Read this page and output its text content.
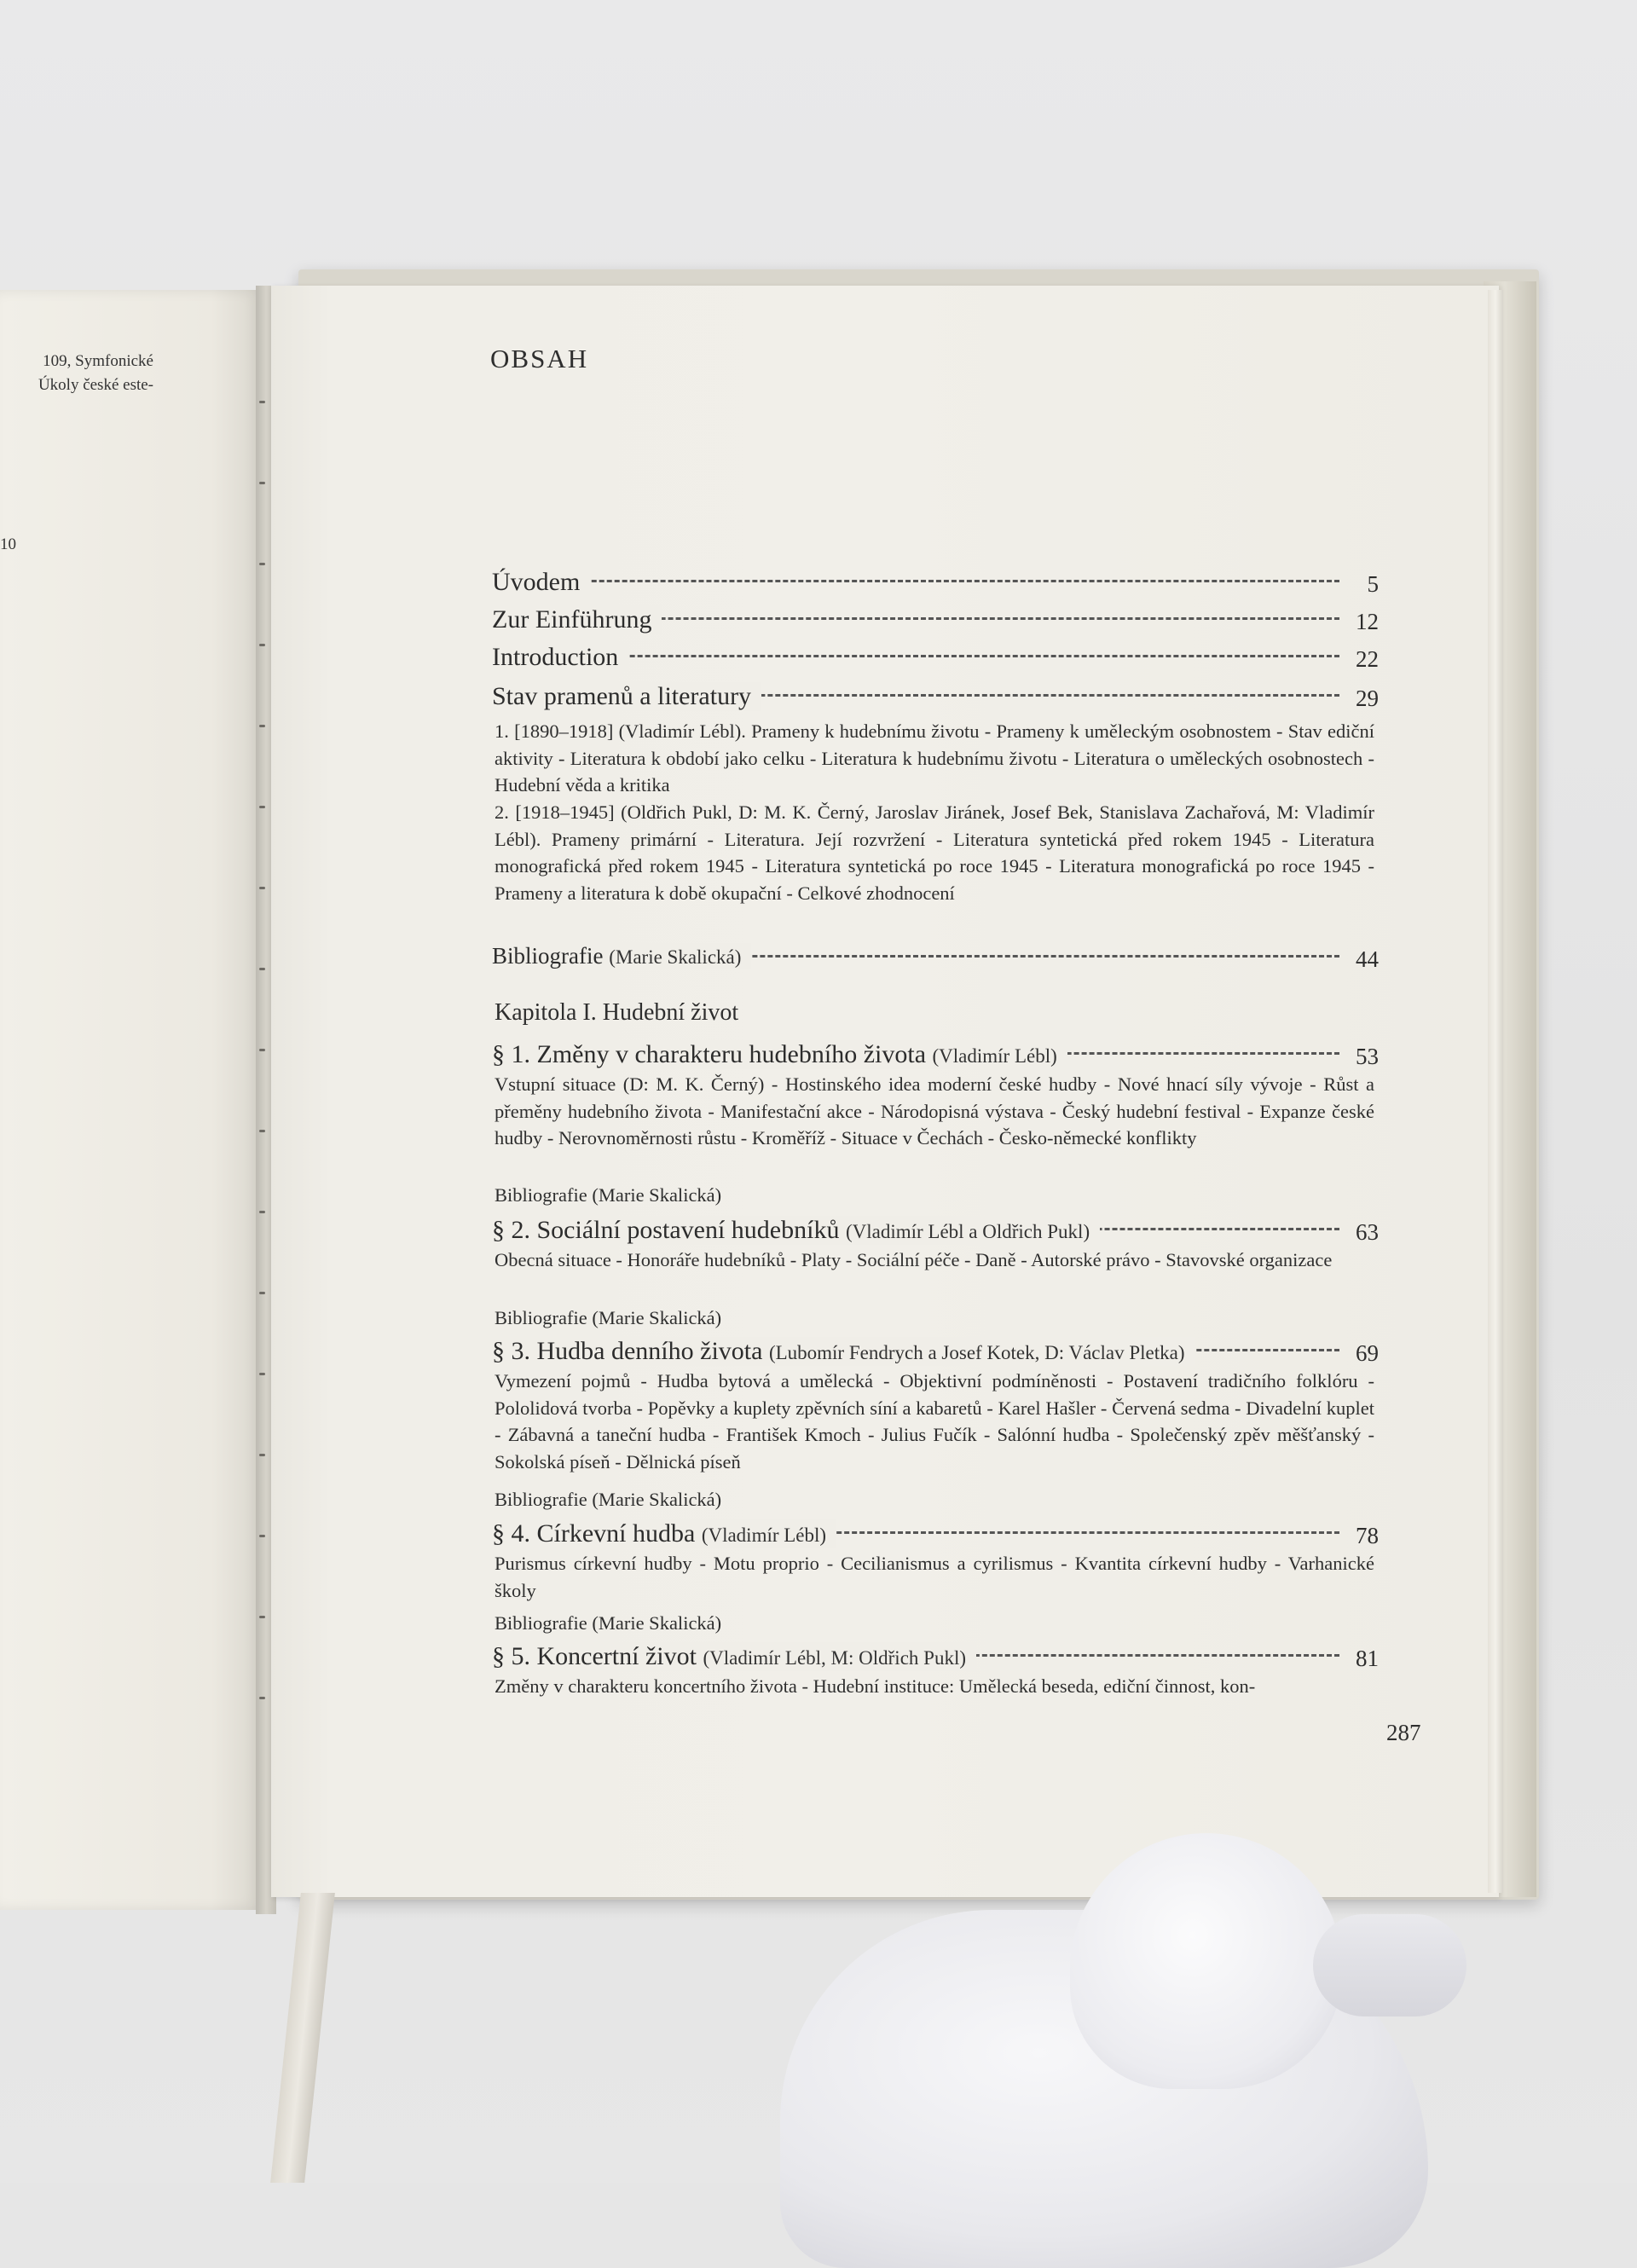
109, Symfonické
Úkoly české este-
10
OBSAH
Úvodem	5
Zur Einführung	12
Introduction	22
Stav pramenů a literatury	29
1. [1890–1918] (Vladimír Lébl). Prameny k hudebnímu životu - Prameny k uměleckým osobnostem - Stav ediční aktivity - Literatura k období jako celku - Literatura k hudebnímu životu - Literatura o uměleckých osobnostech - Hudební věda a kritika
2. [1918–1945] (Oldřich Pukl, D: M. K. Černý, Jaroslav Jiránek, Josef Bek, Stanislava Zachařová, M: Vladimír Lébl). Prameny primární - Literatura. Její rozvržení - Literatura syntetická před rokem 1945 - Literatura monografická před rokem 1945 - Literatura syntetická po roce 1945 - Literatura monografická po roce 1945 - Prameny a literatura k době okupační - Celkové zhodnocení
Bibliografie (Marie Skalická)	44
Kapitola I. Hudební život
§ 1. Změny v charakteru hudebního života (Vladimír Lébl)	53
Vstupní situace (D: M. K. Černý) - Hostinského idea moderní české hudby - Nové hnací síly vývoje - Růst a přeměny hudebního života - Manifestační akce - Národopisná výstava - Český hudební festival - Expanze české hudby - Nerovnoměrnosti růstu - Kroměříž - Situace v Čechách - Česko-německé konflikty
Bibliografie (Marie Skalická)
§ 2. Sociální postavení hudebníků (Vladimír Lébl a Oldřich Pukl)	63
Obecná situace - Honoráře hudebníků - Platy - Sociální péče - Daně - Autorské právo - Stavovské organizace
Bibliografie (Marie Skalická)
§ 3. Hudba denního života (Lubomír Fendrych a Josef Kotek, D: Václav Pletka)	69
Vymezení pojmů - Hudba bytová a umělecká - Objektivní podmíněnosti - Postavení tradičního folklóru - Pololidová tvorba - Popěvky a kuplety zpěvních síní a kabaretů - Karel Hašler - Červená sedma - Divadelní kuplet - Zábavná a taneční hudba - František Kmoch - Julius Fučík - Salónní hudba - Společenský zpěv měšťanský - Sokolská píseň - Dělnická píseň
Bibliografie (Marie Skalická)
§ 4. Církevní hudba (Vladimír Lébl)	78
Purismus církevní hudby - Motu proprio - Cecilianismus a cyrilismus - Kvantita církevní hudby - Varhanické školy
Bibliografie (Marie Skalická)
§ 5. Koncertní život (Vladimír Lébl, M: Oldřich Pukl)	81
Změny v charakteru koncertního života - Hudební instituce: Umělecká beseda, ediční činnost, kon-
287
